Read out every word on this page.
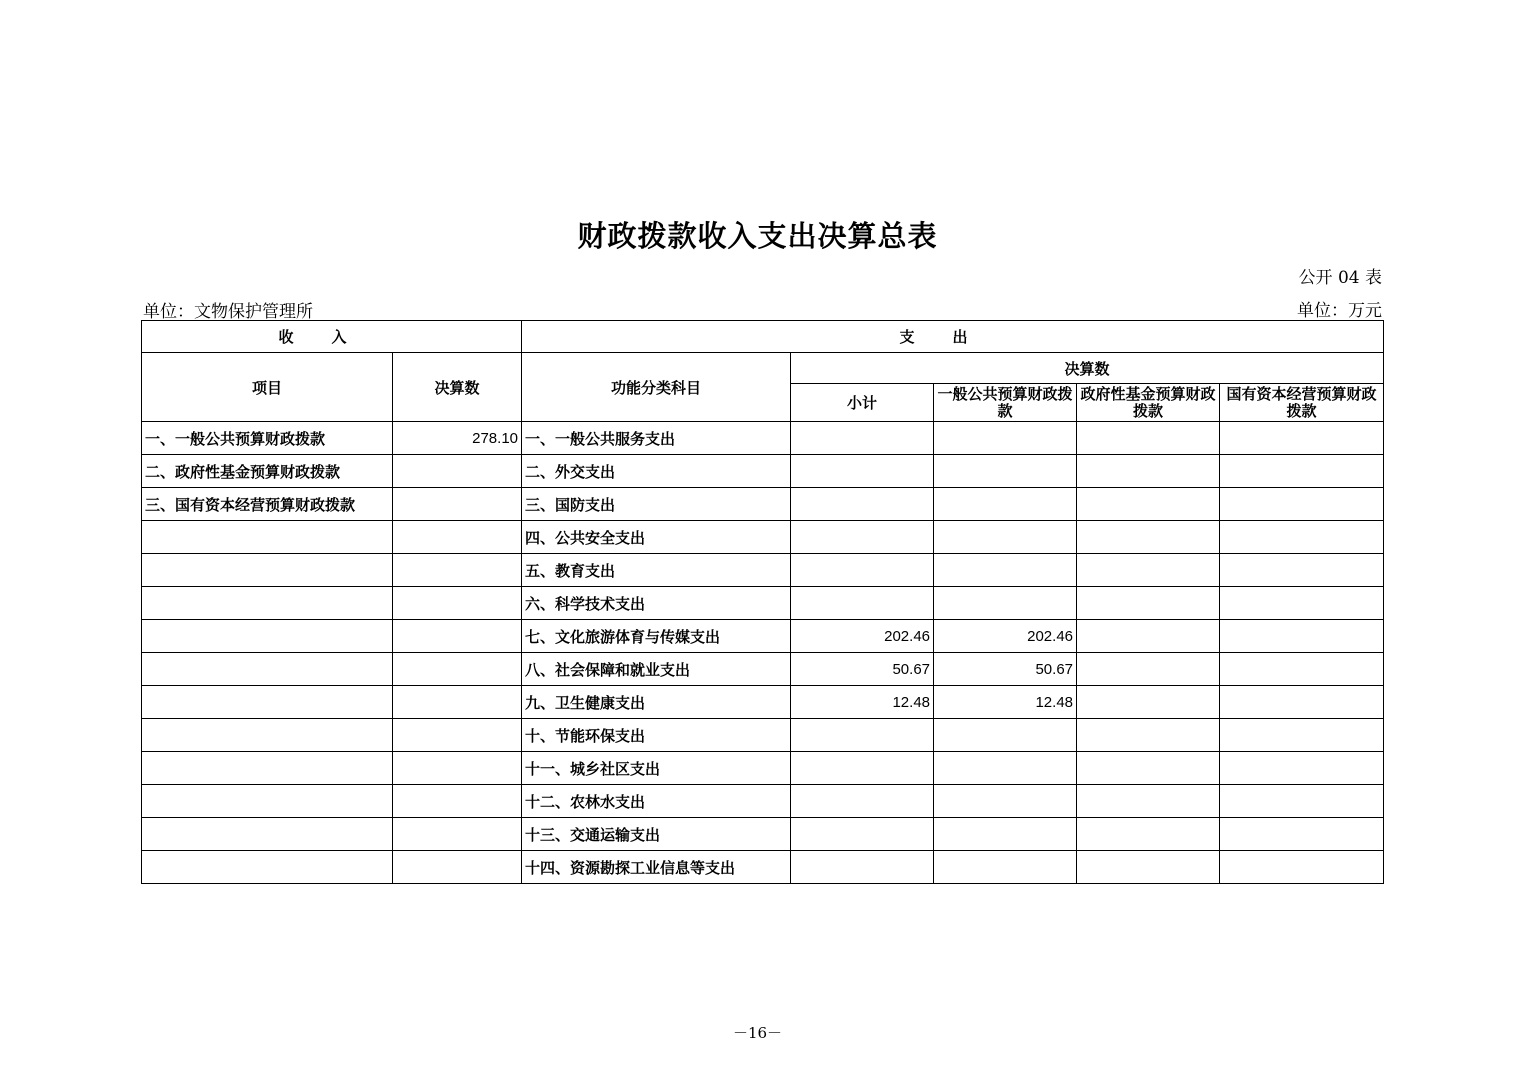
财政拨款收入支出决算总表
公开 04 表
单位：文物保护管理所	单位：万元
收入		支出				
项目	决算数	功能分类科目	决算数			
			小计	一般公共预算财政拨款	政府性基金预算财政拨款	国有资本经营预算财政拨款
一、一般公共预算财政拨款	278.10	一、一般公共服务支出				
二、政府性基金预算财政拨款		二、外交支出				
三、国有资本经营预算财政拨款		三、国防支出				
		四、公共安全支出				
		五、教育支出				
		六、科学技术支出				
		七、文化旅游体育与传媒支出	202.46	202.46		
		八、社会保障和就业支出	50.67	50.67		
		九、卫生健康支出	12.48	12.48		
		十、节能环保支出				
		十一、城乡社区支出				
		十二、农林水支出				
		十三、交通运输支出				
		十四、资源勘探工业信息等支出				
－16－
